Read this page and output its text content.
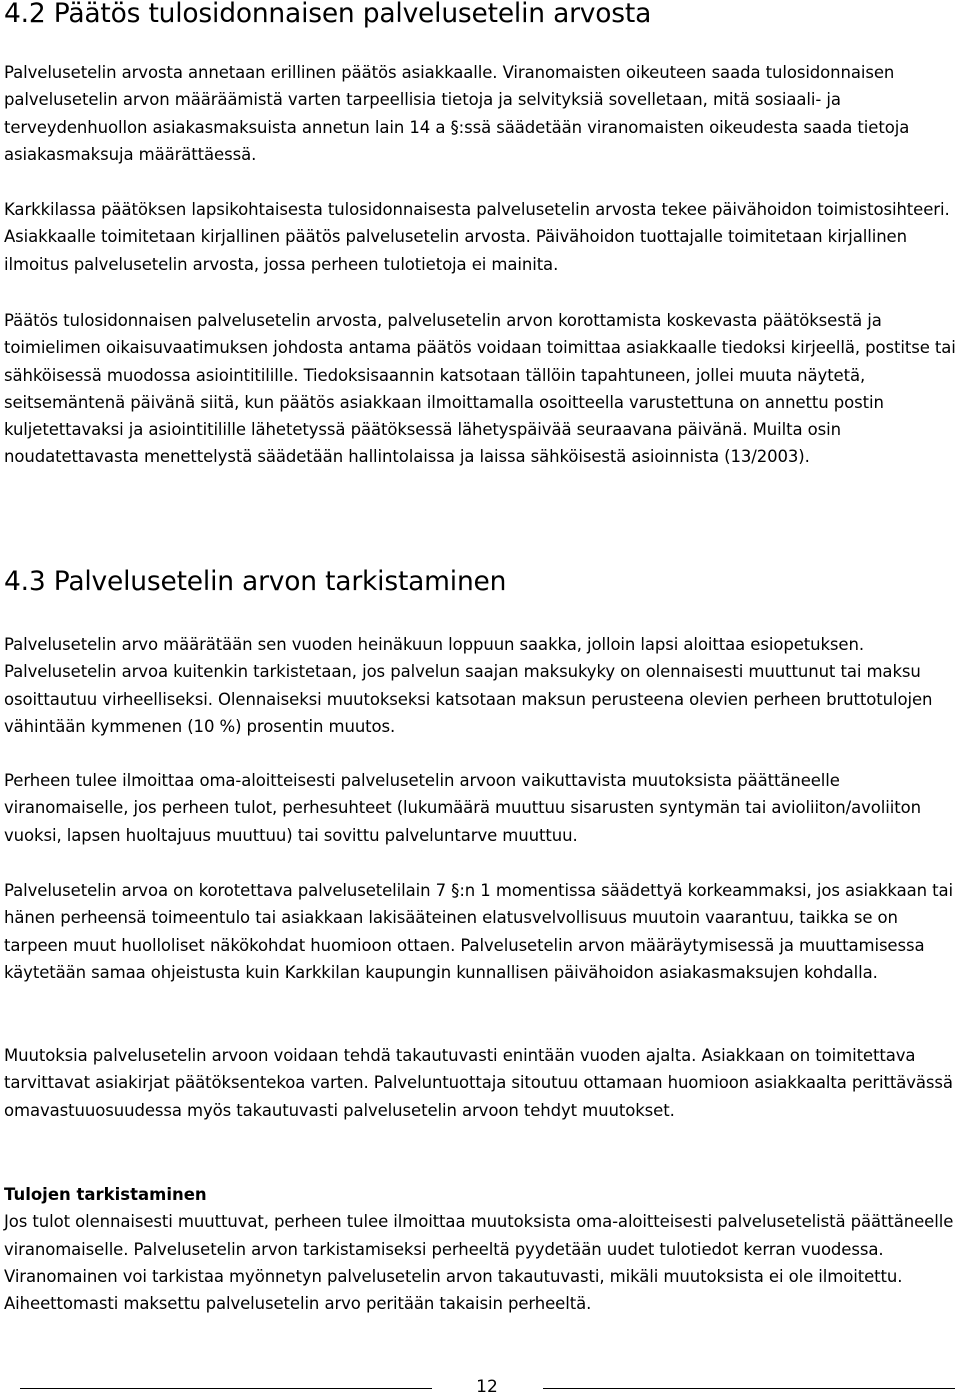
4.2 Päätös tulosidonnaisen palvelusetelin arvosta

Palvelusetelin arvosta annetaan erillinen päätös asiakkaalle. Viranomaisten oikeuteen saada tulosidonnaisen palvelusetelin arvon määräämistä varten tarpeellisia tietoja ja selvityksiä sovelletaan, mitä sosiaali- ja terveydenhuollon asiakasmaksuista annetun lain 14 a §:ssä säädetään viranomaisten oikeudesta saada tietoja asiakasmaksuja määrättäessä.

Karkkilassa päätöksen lapsikohtaisesta tulosidonnaisesta palvelusetelin arvosta tekee päivähoidon toimistosihteeri. Asiakkaalle toimitetaan kirjallinen päätös palvelusetelin arvosta. Päivähoidon tuottajalle toimitetaan kirjallinen ilmoitus palvelusetelin arvosta, jossa perheen tulotietoja ei mainita.

Päätös tulosidonnaisen palvelusetelin arvosta, palvelusetelin arvon korottamista koskevasta päätöksestä ja toimielimen oikaisuvaatimuksen johdosta antama päätös voidaan toimittaa asiakkaalle tiedoksi kirjeellä, postitse tai sähköisessä muodossa asiointitilille. Tiedoksisaannin katsotaan tällöin tapahtuneen, jollei muuta näytetä, seitsemäntenä päivänä siitä, kun päätös asiakkaan ilmoittamalla osoitteella varustettuna on annettu postin kuljetettavaksi ja asiointitilille lähetetyssä päätöksessä lähetyspäivää seuraavana päivänä. Muilta osin noudatettavasta menettelystä säädetään hallintolaissa ja laissa sähköisestä asioinnista (13/2003).

4.3 Palvelusetelin arvon tarkistaminen

Palvelusetelin arvo määrätään sen vuoden heinäkuun loppuun saakka, jolloin lapsi aloittaa esiopetuksen. Palvelusetelin arvoa kuitenkin tarkistetaan, jos palvelun saajan maksukyky on olennaisesti muuttunut tai maksu osoittautuu virheelliseksi. Olennaiseksi muutokseksi katsotaan maksun perusteena olevien perheen bruttotulojen vähintään kymmenen (10 %) prosentin muutos.

Perheen tulee ilmoittaa oma-aloitteisesti palvelusetelin arvoon vaikuttavista muutoksista päättäneelle viranomaiselle, jos perheen tulot, perhesuhteet (lukumäärä muuttuu sisarusten syntymän tai avioliiton/avoliiton vuoksi, lapsen huoltajuus muuttuu) tai sovittu palveluntarve muuttuu.

Palvelusetelin arvoa on korotettava palvelusetelilain 7 §:n 1 momentissa säädettyä korkeammaksi, jos asiakkaan tai hänen perheensä toimeentulo tai asiakkaan lakisääteinen elatusvelvollisuus muutoin vaarantuu, taikka se on tarpeen muut huolloliset näkökohdat huomioon ottaen. Palvelusetelin arvon määräytymisessä ja muuttamisessa käytetään samaa ohjeistusta kuin Karkkilan kaupungin kunnallisen päivähoidon asiakasmaksujen kohdalla.

Muutoksia palvelusetelin arvoon voidaan tehdä takautuvasti enintään vuoden ajalta. Asiakkaan on toimitettava tarvittavat asiakirjat päätöksentekoa varten. Palveluntuottaja sitoutuu ottamaan huomioon asiakkaalta perittävässä omavastuuosuudessa myös takautuvasti palvelusetelin arvoon tehdyt muutokset.

Tulojen tarkistaminen

Jos tulot olennaisesti muuttuvat, perheen tulee ilmoittaa muutoksista oma-aloitteisesti palvelusetelistä päättäneelle viranomaiselle. Palvelusetelin arvon tarkistamiseksi perheeltä pyydetään uudet tulotiedot kerran vuodessa. Viranomainen voi tarkistaa myönnetyn palvelusetelin arvon takautuvasti, mikäli muutoksista ei ole ilmoitettu. Aiheettomasti maksettu palvelusetelin arvo peritään takaisin perheeltä.

12
